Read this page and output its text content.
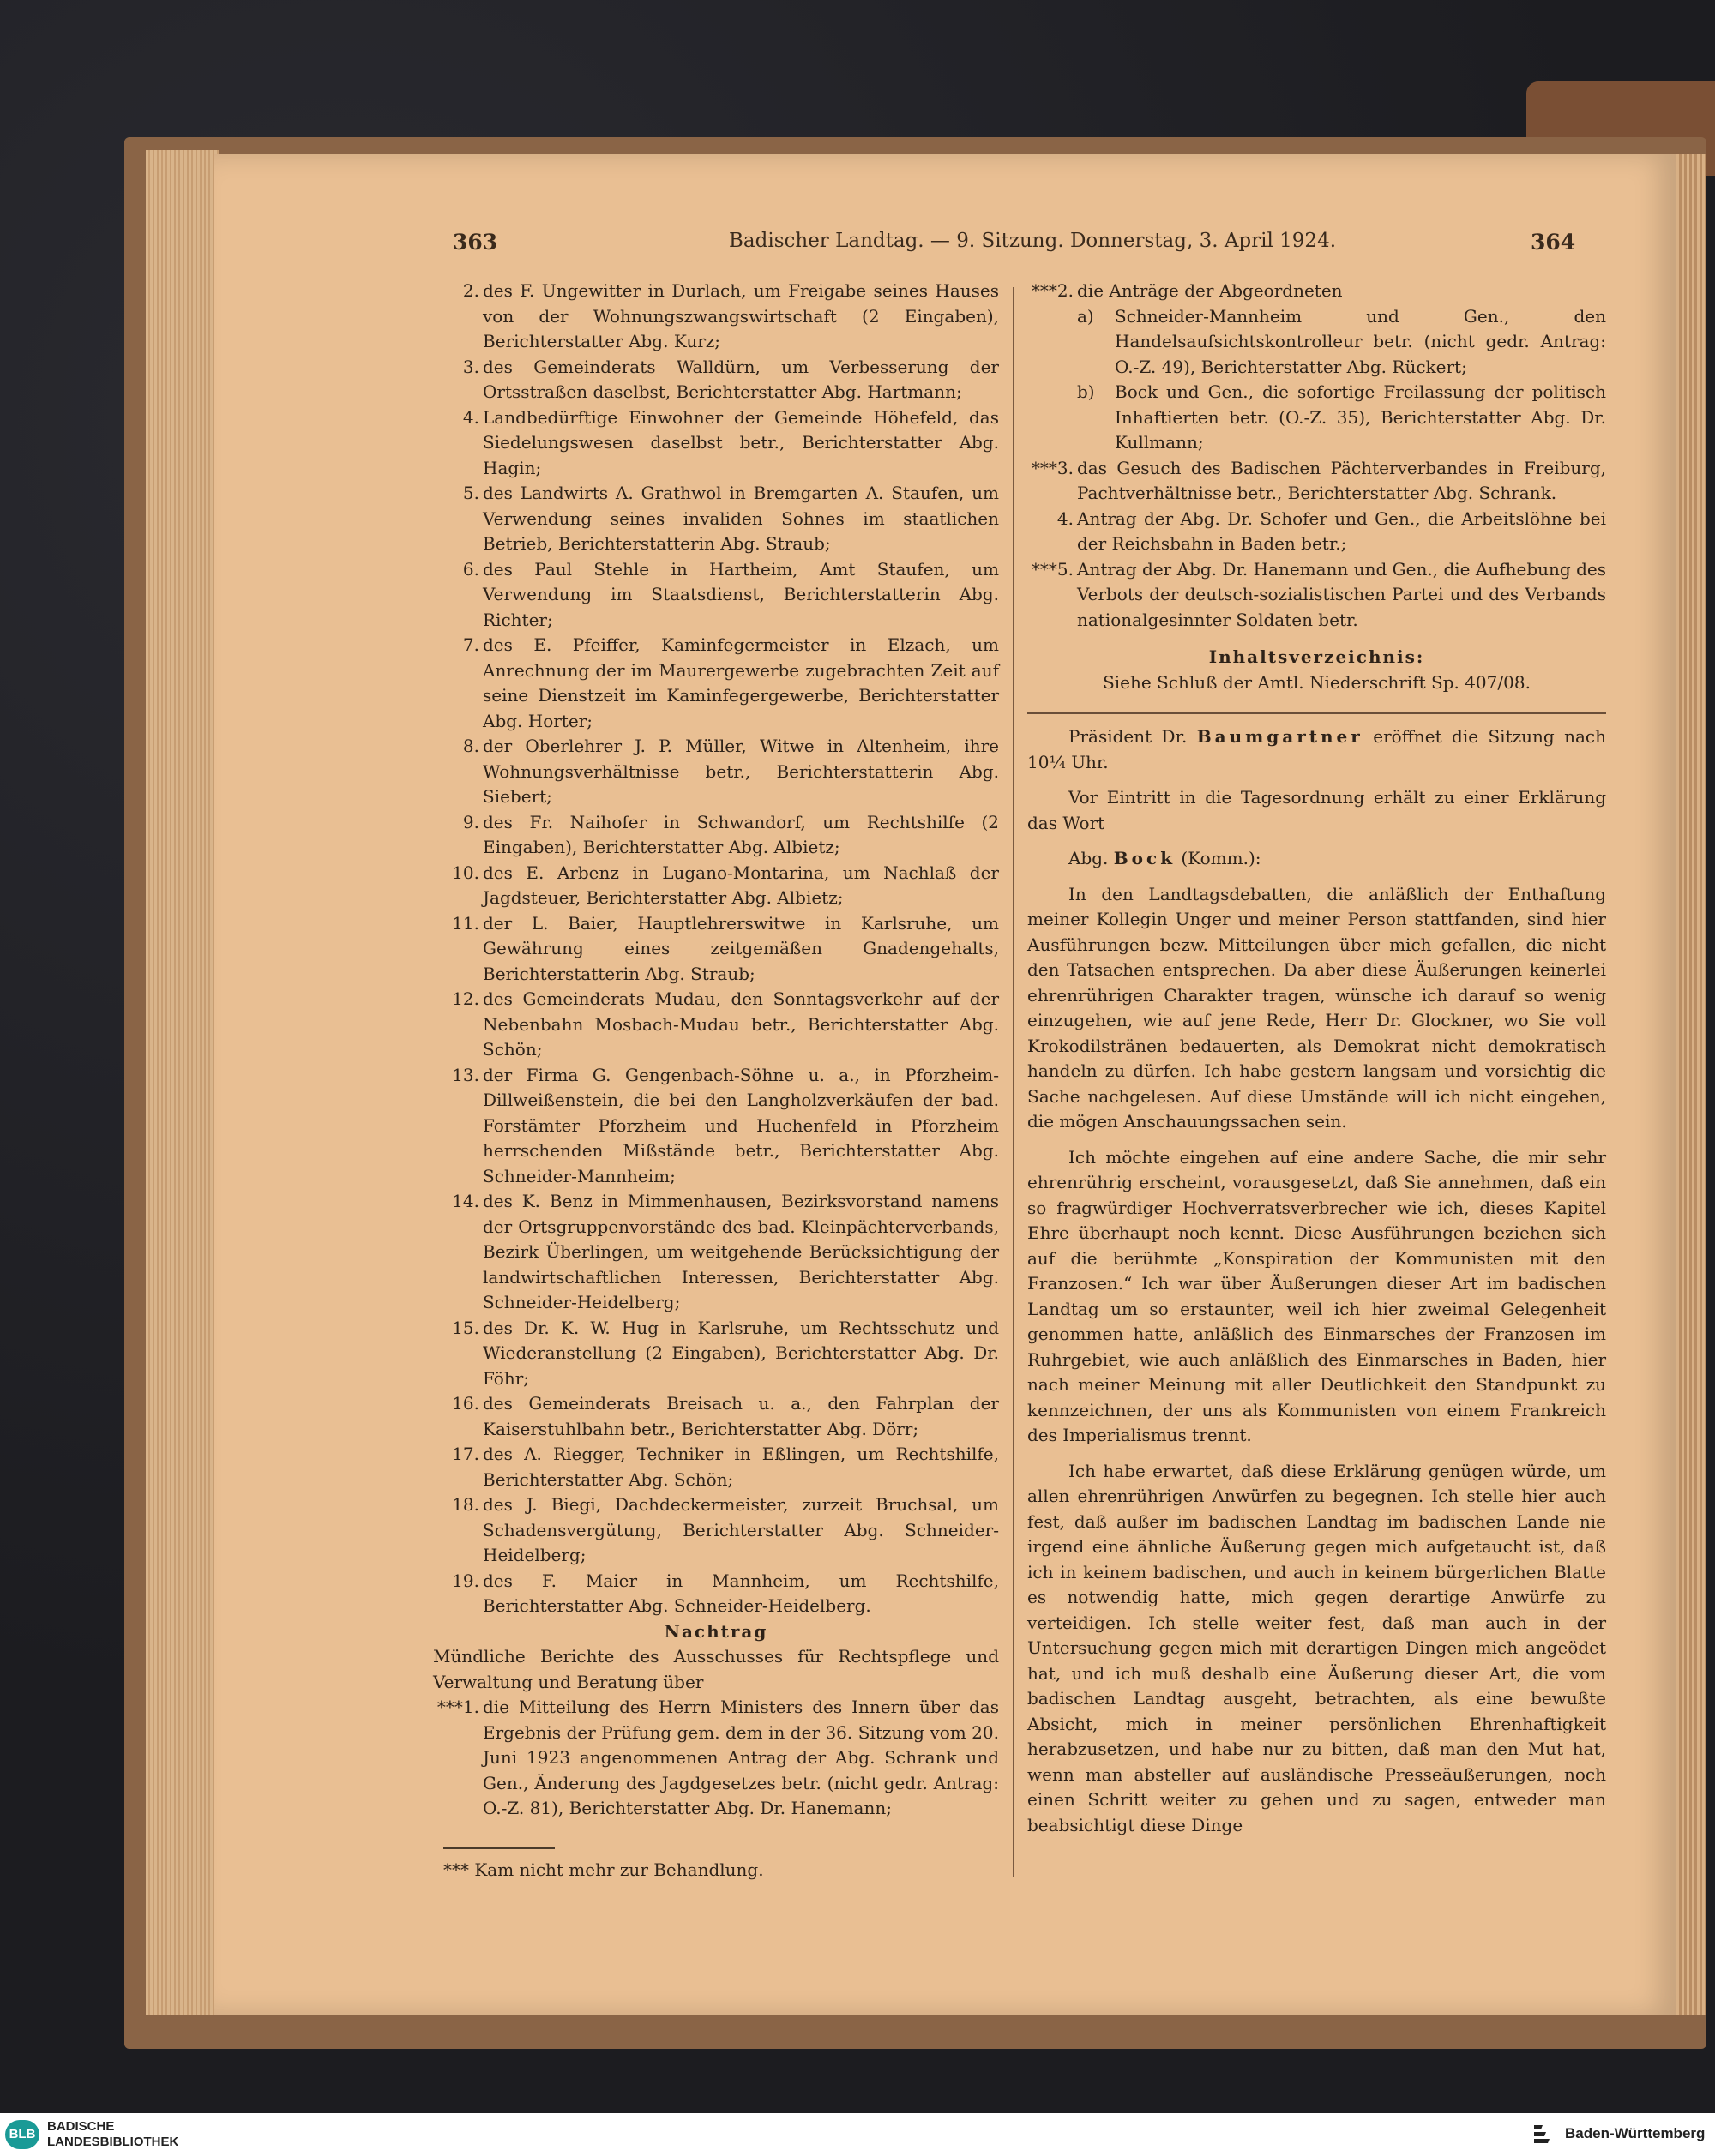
363	Badischer Landtag. — 9. Sitzung. Donnerstag, 3. April 1924.	364
2. des F. Ungewitter in Durlach, um Freigabe seines Hauses von der Wohnungszwangswirtschaft (2 Eingaben), Berichterstatter Abg. Kurz;
3. des Gemeinderats Walldürn, um Verbesserung der Ortsstraßen daselbst, Berichterstatter Abg. Hartmann;
4. Landbedürftige Einwohner der Gemeinde Höhefeld, das Siedelungswesen daselbst betr., Berichterstatter Abg. Hagin;
5. des Landwirts A. Grathwol in Bremgarten A. Staufen, um Verwendung seines invaliden Sohnes im staatlichen Betrieb, Berichterstatterin Abg. Straub;
6. des Paul Stehle in Hartheim, Amt Staufen, um Verwendung im Staatsdienst, Berichterstatterin Abg. Richter;
7. des E. Pfeiffer, Kaminfegermeister in Elzach, um Anrechnung der im Maurergewerbe zugebrachten Zeit auf seine Dienstzeit im Kaminfegergewerbe, Berichterstatter Abg. Horter;
8. der Oberlehrer J. P. Müller, Witwe in Altenheim, ihre Wohnungsverhältnisse betr., Berichterstatterin Abg. Siebert;
9. des Fr. Naihofer in Schwandorf, um Rechtshilfe (2 Eingaben), Berichterstatter Abg. Albietz;
10. des E. Arbenz in Lugano-Montarina, um Nachlaß der Jagdsteuer, Berichterstatter Abg. Albietz;
11. der L. Baier, Hauptlehrerswitwe in Karlsruhe, um Gewährung eines zeitgemäßen Gnadengehalts, Berichterstatterin Abg. Straub;
12. des Gemeinderats Mudau, den Sonntagsverkehr auf der Nebenbahn Mosbach-Mudau betr., Berichterstatter Abg. Schön;
13. der Firma G. Gengenbach-Söhne u. a., in Pforzheim-Dillweißenstein, die bei den Langholzverkäufen der bad. Forstämter Pforzheim und Huchenfeld in Pforzheim herrschenden Mißstände betr., Berichterstatter Abg. Schneider-Mannheim;
14. des K. Benz in Mimmenhausen, Bezirksvorstand namens der Ortsgruppenvorstände des bad. Kleinpächterverbands, Bezirk Überlingen, um weitgehende Berücksichtigung der landwirtschaftlichen Interessen, Berichterstatter Abg. Schneider-Heidelberg;
15. des Dr. K. W. Hug in Karlsruhe, um Rechtsschutz und Wiederanstellung (2 Eingaben), Berichterstatter Abg. Dr. Föhr;
16. des Gemeinderats Breisach u. a., den Fahrplan der Kaiserstuhlbahn betr., Berichterstatter Abg. Dörr;
17. des A. Riegger, Techniker in Eßlingen, um Rechtshilfe, Berichterstatter Abg. Schön;
18. des J. Biegi, Dachdeckermeister, zurzeit Bruchsal, um Schadensvergütung, Berichterstatter Abg. Schneider-Heidelberg;
19. des F. Maier in Mannheim, um Rechtshilfe, Berichterstatter Abg. Schneider-Heidelberg.
Nachtrag
Mündliche Berichte des Ausschusses für Rechtspflege und Verwaltung und Beratung über
***1. die Mitteilung des Herrn Ministers des Innern über das Ergebnis der Prüfung gem. dem in der 36. Sitzung vom 20. Juni 1923 angenommenen Antrag der Abg. Schrank und Gen., Änderung des Jagdgesetzes betr. (nicht gedr. Antrag: O.-Z. 81), Berichterstatter Abg. Dr. Hanemann;
*** Kam nicht mehr zur Behandlung.
***2. die Anträge der Abgeordneten
a) Schneider-Mannheim und Gen., den Handelsaufsichtskontrolleur betr. (nicht gedr. Antrag: O.-Z. 49), Berichterstatter Abg. Rückert;
b) Bock und Gen., die sofortige Freilassung der politisch Inhaftierten betr. (O.-Z. 35), Berichterstatter Abg. Dr. Kullmann;
***3. das Gesuch des Badischen Pächterverbandes in Freiburg, Pachtverhältnisse betr., Berichterstatter Abg. Schrank.
4. Antrag der Abg. Dr. Schofer und Gen., die Arbeitslöhne bei der Reichsbahn in Baden betr.;
***5. Antrag der Abg. Dr. Hanemann und Gen., die Aufhebung des Verbots der deutsch-sozialistischen Partei und des Verbands nationalgesinnter Soldaten betr.
Inhaltsverzeichnis:
Siehe Schluß der Amtl. Niederschrift Sp. 407/08.
Präsident Dr. Baumgartner eröffnet die Sitzung nach 10¼ Uhr.
Vor Eintritt in die Tagesordnung erhält zu einer Erklärung das Wort
Abg. Bock (Komm.):
In den Landtagsdebatten, die anläßlich der Enthaftung meiner Kollegin Unger und meiner Person stattfanden, sind hier Ausführungen bezw. Mitteilungen über mich gefallen, die nicht den Tatsachen entsprechen. Da aber diese Äußerungen keinerlei ehrenrührigen Charakter tragen, wünsche ich darauf so wenig einzugehen, wie auf jene Rede, Herr Dr. Glockner, wo Sie voll Krokodilstränen bedauerten, als Demokrat nicht demokratisch handeln zu dürfen. Ich habe gestern langsam und vorsichtig die Sache nachgelesen. Auf diese Umstände will ich nicht eingehen, die mögen Anschauungssachen sein.
Ich möchte eingehen auf eine andere Sache, die mir sehr ehrenrührig erscheint, vorausgesetzt, daß Sie annehmen, daß ein so fragwürdiger Hochverratsverbrecher wie ich, dieses Kapitel Ehre überhaupt noch kennt. Diese Ausführungen beziehen sich auf die berühmte „Konspiration der Kommunisten mit den Franzosen.“ Ich war über Äußerungen dieser Art im badischen Landtag um so erstaunter, weil ich hier zweimal Gelegenheit genommen hatte, anläßlich des Einmarsches der Franzosen im Ruhrgebiet, wie auch anläßlich des Einmarsches in Baden, hier nach meiner Meinung mit aller Deutlichkeit den Standpunkt zu kennzeichnen, der uns als Kommunisten von einem Frankreich des Imperialismus trennt.
Ich habe erwartet, daß diese Erklärung genügen würde, um allen ehrenrührigen Anwürfen zu begegnen. Ich stelle hier auch fest, daß außer im badischen Landtag im badischen Lande nie irgend eine ähnliche Äußerung gegen mich aufgetaucht ist, daß ich in keinem badischen, und auch in keinem bürgerlichen Blatte es notwendig hatte, mich gegen derartige Anwürfe zu verteidigen. Ich stelle weiter fest, daß man auch in der Untersuchung gegen mich mit derartigen Dingen mich angeödet hat, und ich muß deshalb eine Äußerung dieser Art, die vom badischen Landtag ausgeht, betrachten, als eine bewußte Absicht, mich in meiner persönlichen Ehrenhaftigkeit herabzusetzen, und habe nur zu bitten, daß man den Mut hat, wenn man absteller auf ausländische Presseäußerungen, noch einen Schritt weiter zu gehen und zu sagen, entweder man beabsichtigt diese Dinge
BLB
BADISCHE
LANDESBIBLIOTHEK
Baden-Württemberg
